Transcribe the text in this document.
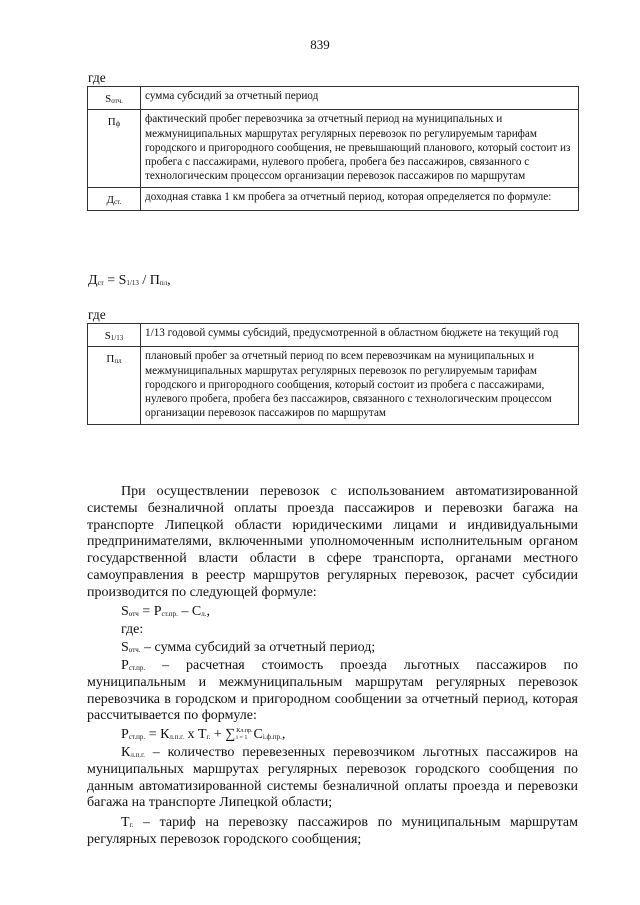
839
где
$S_{отч.}$	сумма субсидий за отчетный период
$П_ф$	фактический пробег перевозчика за отчетный период на муниципальных и межмуниципальных маршрутах регулярных перевозок по регулируемым тарифам городского и пригородного сообщения, не превышающий планового, который состоит из пробега с пассажирами, нулевого пробега, пробега без пассажиров, связанного с технологическим процессом организации перевозок пассажиров по маршрутам
$Д_{ст.}$	доходная ставка 1 км пробега за отчетный период, которая определяется по формуле:
$Д_{ст} = S_{1/13} / П_{пл}$,
где
$S_{1/13}$	1/13 годовой суммы субсидий, предусмотренной в областном бюджете на текущий год
$П_{пл}$	плановый пробег за отчетный период по всем перевозчикам на муниципальных и межмуниципальных маршрутах регулярных перевозок по регулируемым тарифам городского и пригородного сообщения, который состоит из пробега с пассажирами, нулевого пробега, пробега без пассажиров, связанного с технологическим процессом организации перевозок пассажиров по маршрутам

При осуществлении перевозок с использованием автоматизированной

системы безналичной оплаты проезда пассажиров и перевозки багажа на

транспорте Липецкой области юридическими лицами и индивидуальными

предпринимателями, включенными уполномоченным исполнительным органом

государственной власти области в сфере транспорта, органами местного

самоуправления в реестр маршрутов регулярных перевозок, расчет субсидии

производится по следующей формуле:

$S_{отч} = Р_{ст.пр.} - С_{л.}$,
где:
$S_{отч.}$ – сумма субсидий за отчетный период;

$Р_{ст.пр.}$ – расчетная стоимость проезда льготных пассажиров по

муниципальным и межмуниципальным маршрутам регулярных перевозок

перевозчика в городском и пригородном сообщении за отчетный период, которая

рассчитывается по формуле:

$Р_{ст.пр.} = К_{л.п.г.}$ х $Т_{г.}$ + ∑ Кл.пр.
i = 1 $С_{i.ф.пр.}$,

$К_{л.п.г.}$ – количество перевезенных перевозчиком льготных пассажиров на

муниципальных маршрутах регулярных перевозок городского сообщения по

данным автоматизированной системы безналичной оплаты проезда и перевозки

багажа на транспорте Липецкой области;

$Т_{г.}$ – тариф на перевозку пассажиров по муниципальным маршрутам

регулярных перевозок городского сообщения;
